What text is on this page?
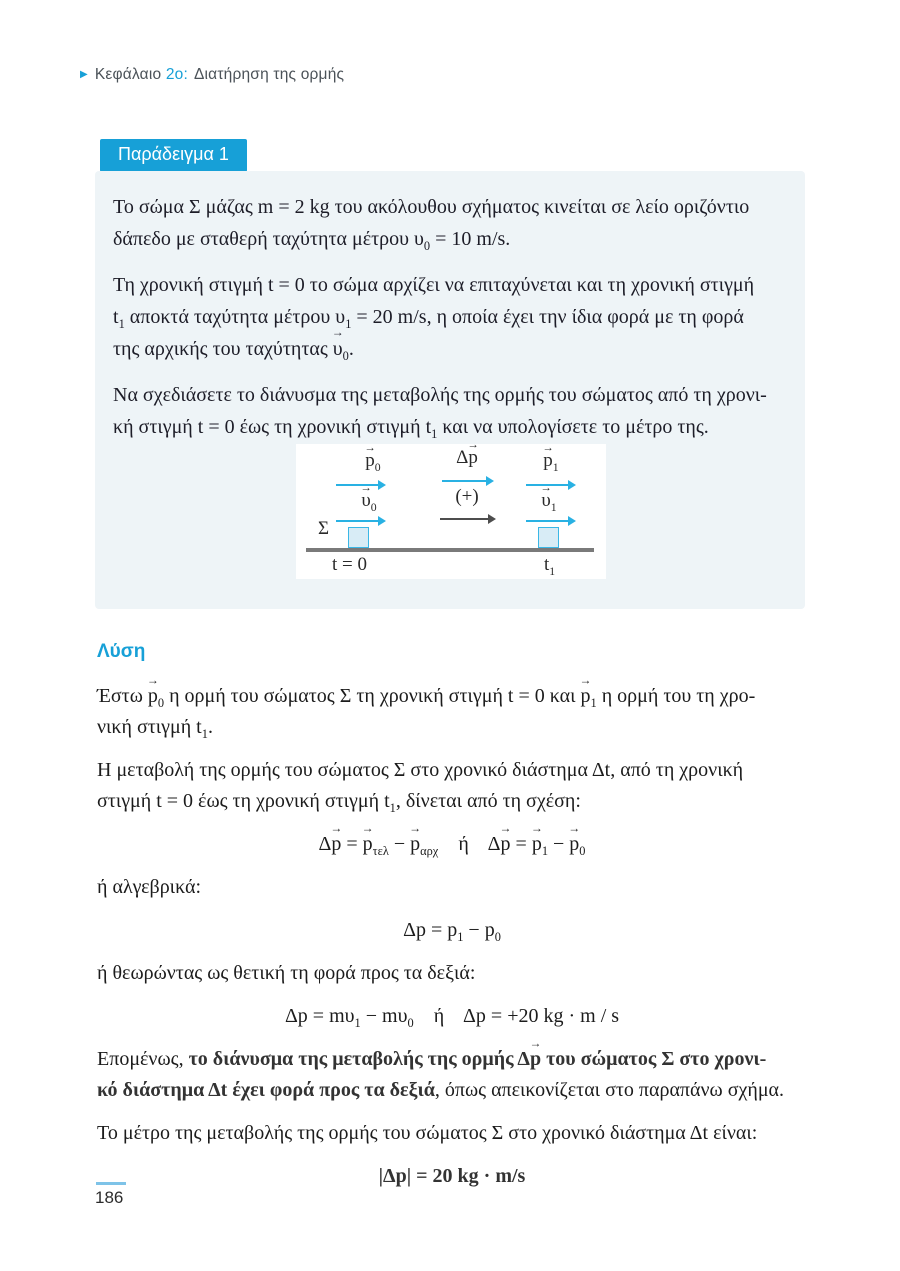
▶ Κεφάλαιο 2ο: Διατήρηση της ορμής
Παράδειγμα 1

Το σώμα Σ μάζας m = 2 kg του ακόλουθου σχήματος κινείται σε λείο οριζόντιο
δάπεδο με σταθερή ταχύτητα μέτρου $\upsilon_0 = 10$ m/s.

Τη χρονική στιγμή t = 0 το σώμα αρχίζει να επιταχύνεται και τη χρονική στιγμή
$t_1$ αποκτά ταχύτητα μέτρου $\upsilon_1 = 20$ m/s, η οποία έχει την ίδια φορά με τη φορά
της αρχικής του ταχύτητας
→
$\upsilon_0$.

Να σχεδιάσετε το διάνυσμα της μεταβολής της ορμής του σώματος από τη χρονι-
κή στιγμή t = 0 έως τη χρονική στιγμή $t_1$ και να υπολογίσετε το μέτρο της.

→
$p_0$
→
$\upsilon_0$
Σ
t = 0
Δ
→
p
(+)
→
$p_1$
→
$\upsilon_1$
$t_1$
Λύση

Έστω
→
$p_0$ η ορμή του σώματος Σ τη χρονική στιγμή t = 0 και
→
$p_1$ η ορμή του τη χρο-
νική στιγμή $t_1$.

Η μεταβολή της ορμής του σώματος Σ στο χρονικό διάστημα Δt, από τη χρονική
στιγμή t = 0 έως τη χρονική στιγμή $t_1$, δίνεται από τη σχέση:

Δ
→
p =
→
$p_{\tau\varepsilon\lambda}$ −
→
$p_{\alpha\rho\chi}$    ή    Δ
→
p =
→
$p_1$ −
→
$p_0$

ή αλγεβρικά:

$\Delta p = p_1 - p_0$

ή θεωρώντας ως θετική τη φορά προς τα δεξιά:

$\Delta p = m\upsilon_1 - m\upsilon_0$    ή    Δp = +20 kg · m / s

Επομένως, το διάνυσμα της μεταβολής της ορμής Δ
→
p του σώματος Σ στο χρονι-
κό διάστημα Δt έχει φορά προς τα δεξιά, όπως απεικονίζεται στο παραπάνω σχήμα.

Το μέτρο της μεταβολής της ορμής του σώματος Σ στο χρονικό διάστημα Δt είναι:

|Δp| = 20 kg · m/s

186
